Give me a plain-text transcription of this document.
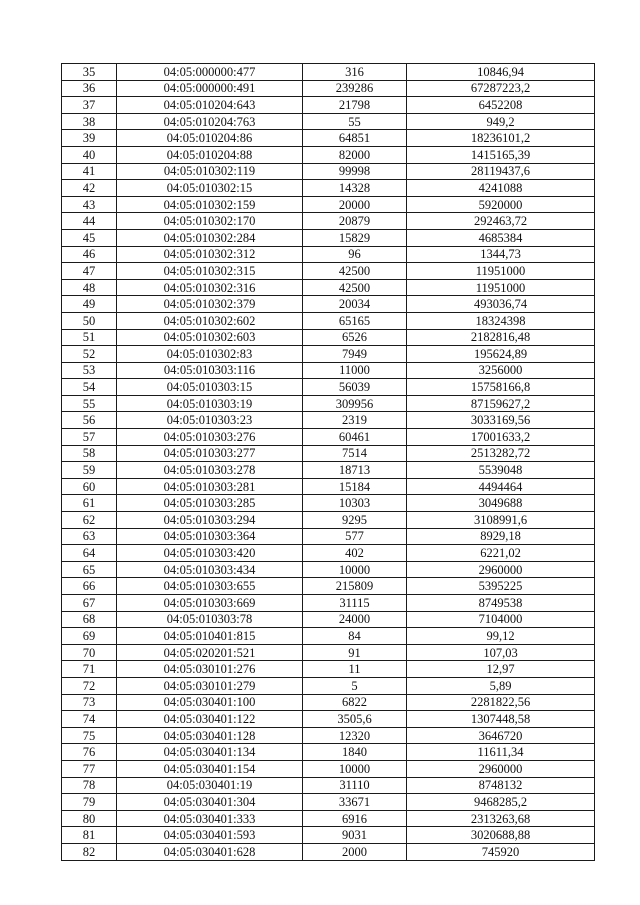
35	04:05:000000:477	316	10846,94
36	04:05:000000:491	239286	67287223,2
37	04:05:010204:643	21798	6452208
38	04:05:010204:763	55	949,2
39	04:05:010204:86	64851	18236101,2
40	04:05:010204:88	82000	1415165,39
41	04:05:010302:119	99998	28119437,6
42	04:05:010302:15	14328	4241088
43	04:05:010302:159	20000	5920000
44	04:05:010302:170	20879	292463,72
45	04:05:010302:284	15829	4685384
46	04:05:010302:312	96	1344,73
47	04:05:010302:315	42500	11951000
48	04:05:010302:316	42500	11951000
49	04:05:010302:379	20034	493036,74
50	04:05:010302:602	65165	18324398
51	04:05:010302:603	6526	2182816,48
52	04:05:010302:83	7949	195624,89
53	04:05:010303:116	11000	3256000
54	04:05:010303:15	56039	15758166,8
55	04:05:010303:19	309956	87159627,2
56	04:05:010303:23	2319	3033169,56
57	04:05:010303:276	60461	17001633,2
58	04:05:010303:277	7514	2513282,72
59	04:05:010303:278	18713	5539048
60	04:05:010303:281	15184	4494464
61	04:05:010303:285	10303	3049688
62	04:05:010303:294	9295	3108991,6
63	04:05:010303:364	577	8929,18
64	04:05:010303:420	402	6221,02
65	04:05:010303:434	10000	2960000
66	04:05:010303:655	215809	5395225
67	04:05:010303:669	31115	8749538
68	04:05:010303:78	24000	7104000
69	04:05:010401:815	84	99,12
70	04:05:020201:521	91	107,03
71	04:05:030101:276	11	12,97
72	04:05:030101:279	5	5,89
73	04:05:030401:100	6822	2281822,56
74	04:05:030401:122	3505,6	1307448,58
75	04:05:030401:128	12320	3646720
76	04:05:030401:134	1840	11611,34
77	04:05:030401:154	10000	2960000
78	04:05:030401:19	31110	8748132
79	04:05:030401:304	33671	9468285,2
80	04:05:030401:333	6916	2313263,68
81	04:05:030401:593	9031	3020688,88
82	04:05:030401:628	2000	745920
